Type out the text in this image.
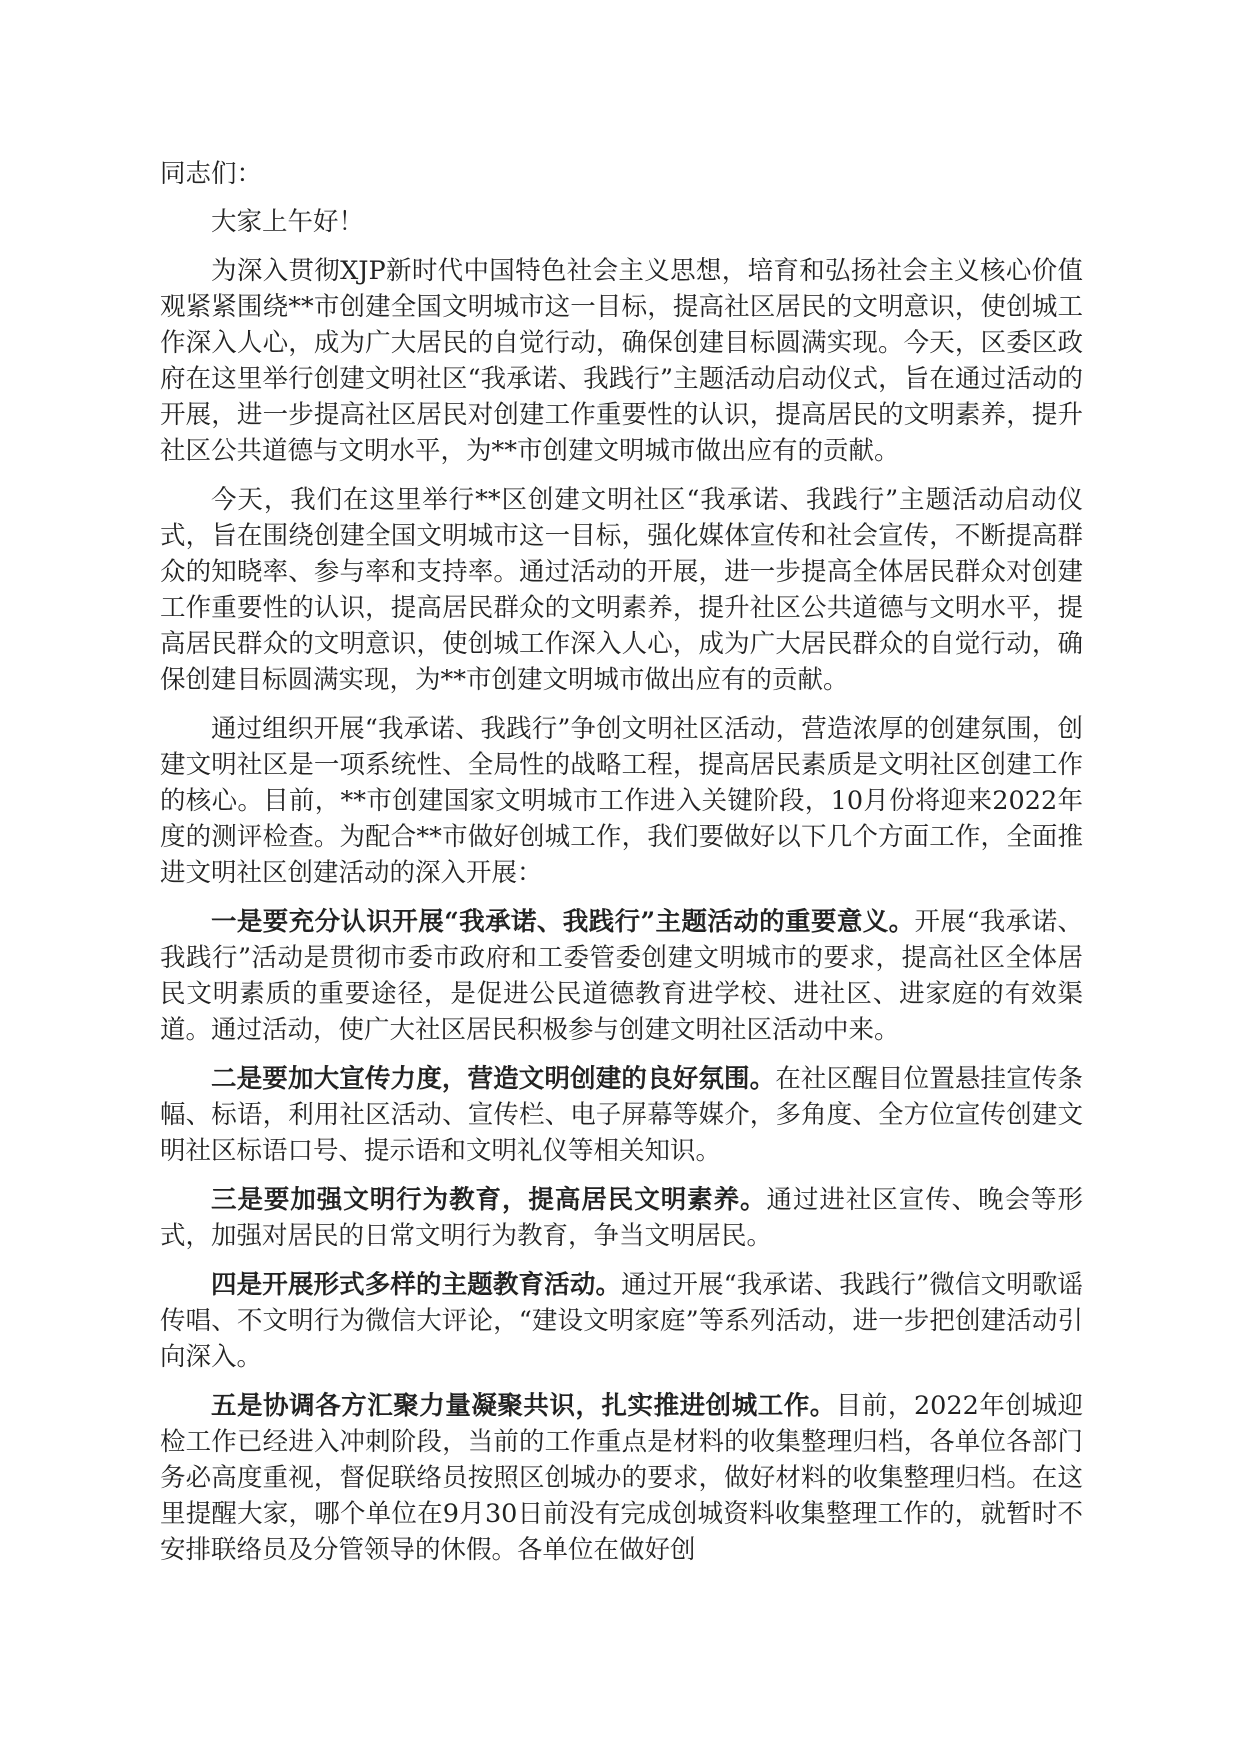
同志们：

大家上午好！

为深入贯彻XJP新时代中国特色社会主义思想，培育和弘扬社会主义核心价值观紧紧围绕**市创建全国文明城市这一目标，提高社区居民的文明意识，使创城工作深入人心，成为广大居民的自觉行动，确保创建目标圆满实现。今天，区委区政府在这里举行创建文明社区“我承诺、我践行”主题活动启动仪式，旨在通过活动的开展，进一步提高社区居民对创建工作重要性的认识，提高居民的文明素养，提升社区公共道德与文明水平，为**市创建文明城市做出应有的贡献。

今天，我们在这里举行**区创建文明社区“我承诺、我践行”主题活动启动仪式，旨在围绕创建全国文明城市这一目标，强化媒体宣传和社会宣传，不断提高群众的知晓率、参与率和支持率。通过活动的开展，进一步提高全体居民群众对创建工作重要性的认识，提高居民群众的文明素养，提升社区公共道德与文明水平，提高居民群众的文明意识，使创城工作深入人心，成为广大居民群众的自觉行动，确保创建目标圆满实现，为**市创建文明城市做出应有的贡献。

通过组织开展“我承诺、我践行”争创文明社区活动，营造浓厚的创建氛围，创建文明社区是一项系统性、全局性的战略工程，提高居民素质是文明社区创建工作的核心。目前，**市创建国家文明城市工作进入关键阶段，10月份将迎来2022年度的测评检查。为配合**市做好创城工作，我们要做好以下几个方面工作，全面推进文明社区创建活动的深入开展：

一是要充分认识开展“我承诺、我践行”主题活动的重要意义。开展“我承诺、我践行”活动是贯彻市委市政府和工委管委创建文明城市的要求，提高社区全体居民文明素质的重要途径，是促进公民道德教育进学校、进社区、进家庭的有效渠道。通过活动，使广大社区居民积极参与创建文明社区活动中来。

二是要加大宣传力度，营造文明创建的良好氛围。在社区醒目位置悬挂宣传条幅、标语，利用社区活动、宣传栏、电子屏幕等媒介，多角度、全方位宣传创建文明社区标语口号、提示语和文明礼仪等相关知识。

三是要加强文明行为教育，提高居民文明素养。通过进社区宣传、晚会等形式，加强对居民的日常文明行为教育，争当文明居民。

四是开展形式多样的主题教育活动。通过开展“我承诺、我践行”微信文明歌谣传唱、不文明行为微信大评论，“建设文明家庭”等系列活动，进一步把创建活动引向深入。

五是协调各方汇聚力量凝聚共识，扎实推进创城工作。目前，2022年创城迎检工作已经进入冲刺阶段，当前的工作重点是材料的收集整理归档，各单位各部门务必高度重视，督促联络员按照区创城办的要求，做好材料的收集整理归档。在这里提醒大家，哪个单位在9月30日前没有完成创城资料收集整理工作的，就暂时不安排联络员及分管领导的休假。各单位在做好创
